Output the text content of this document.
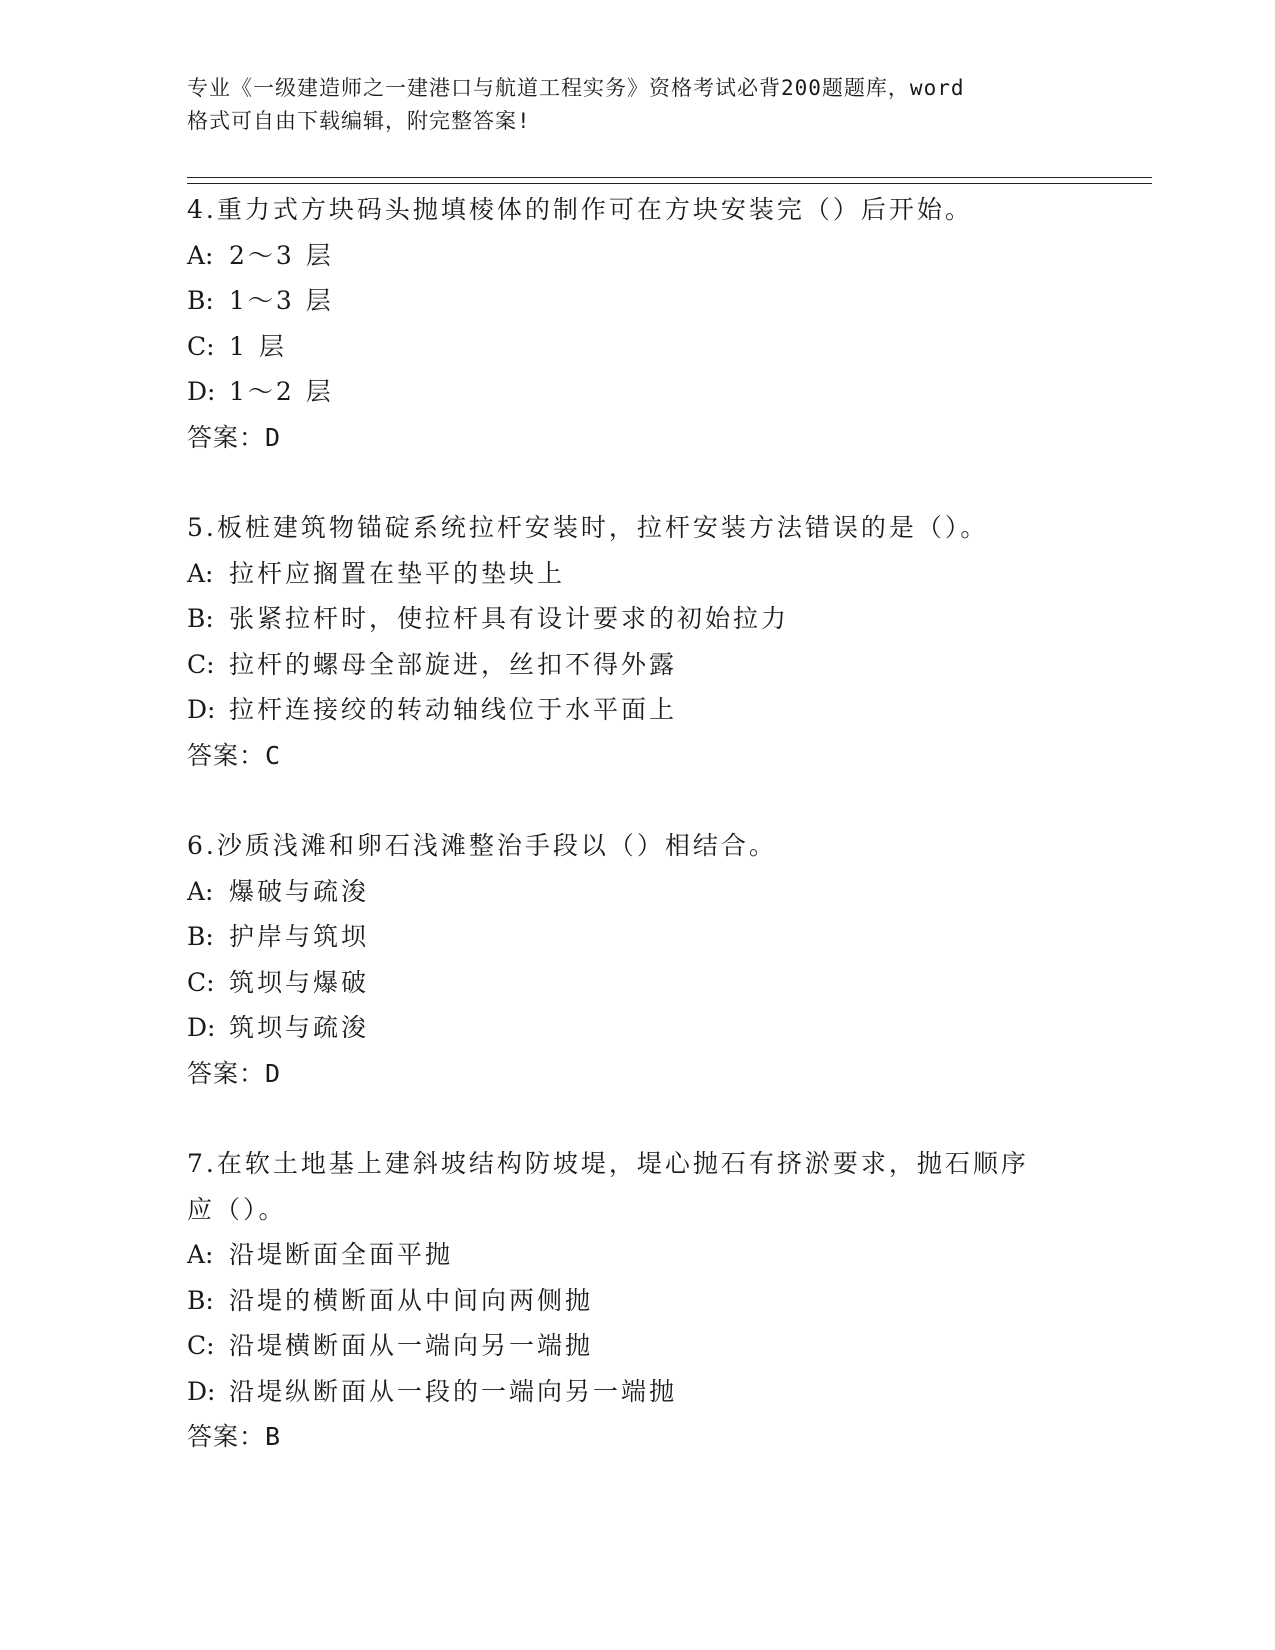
专业《一级建造师之一建港口与航道工程实务》资格考试必背200题题库，word
格式可自由下载编辑，附完整答案!
4.重力式方块码头抛填棱体的制作可在方块安装完（）后开始。
A: 2～3 层
B: 1～3 层
C: 1 层
D: 1～2 层
答案：D
5.板桩建筑物锚碇系统拉杆安装时，拉杆安装方法错误的是（）。
A: 拉杆应搁置在垫平的垫块上
B: 张紧拉杆时，使拉杆具有设计要求的初始拉力
C: 拉杆的螺母全部旋进，丝扣不得外露
D: 拉杆连接绞的转动轴线位于水平面上
答案：C
6.沙质浅滩和卵石浅滩整治手段以（）相结合。
A: 爆破与疏浚
B: 护岸与筑坝
C: 筑坝与爆破
D: 筑坝与疏浚
答案：D
7.在软土地基上建斜坡结构防坡堤，堤心抛石有挤淤要求，抛石顺序
应（）。
A: 沿堤断面全面平抛
B: 沿堤的横断面从中间向两侧抛
C: 沿堤横断面从一端向另一端抛
D: 沿堤纵断面从一段的一端向另一端抛
答案：B
